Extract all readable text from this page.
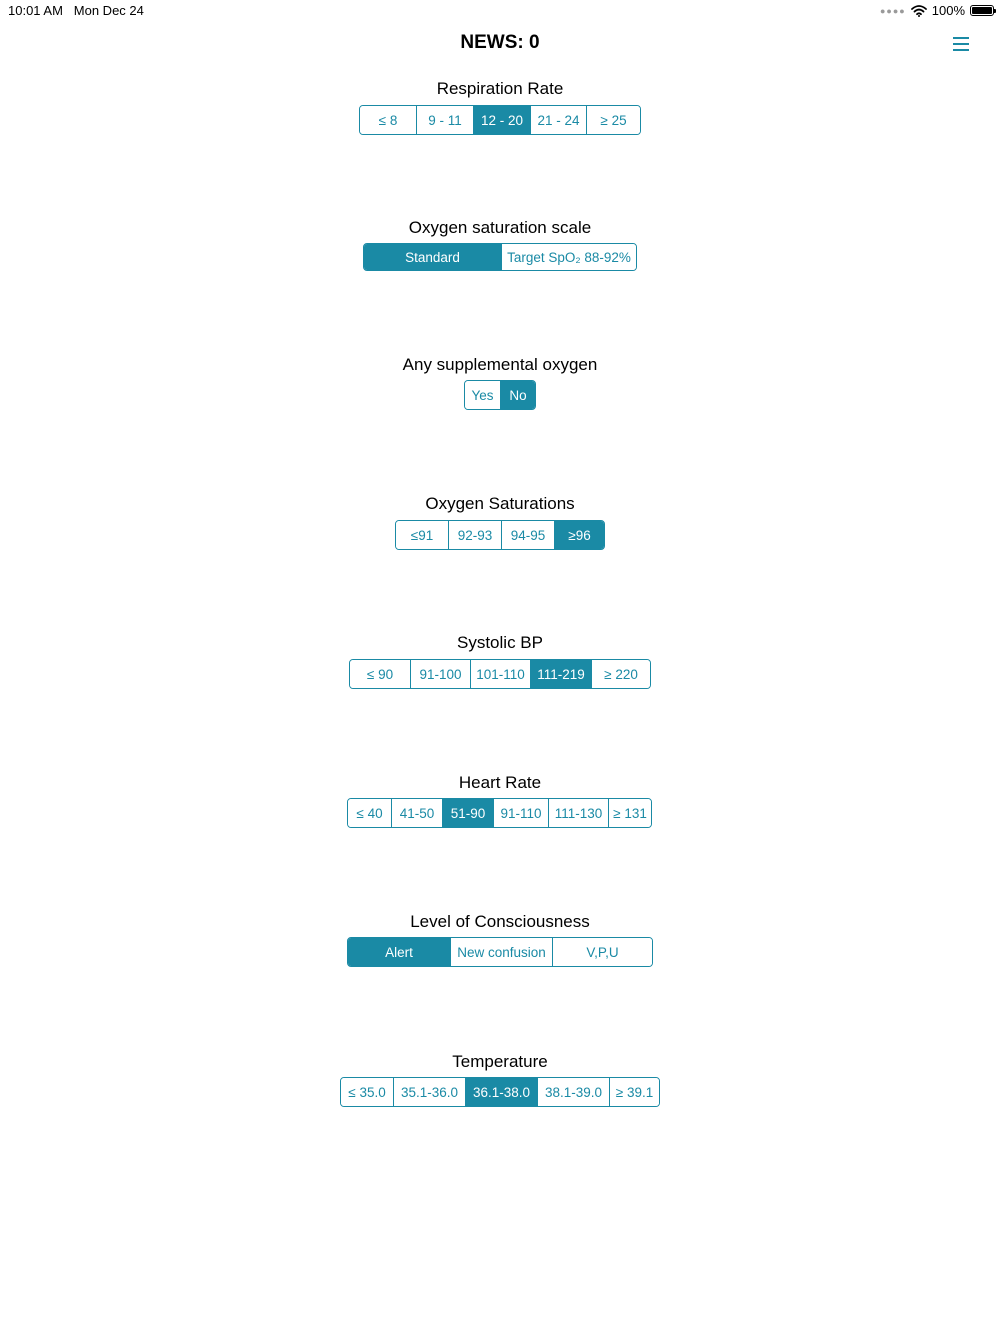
10:01 AM Mon Dec 24	●●●● 100%
NEWS: 0
Respiration Rate
≤ 8	9 - 11	12 - 20	21 - 24	≥ 25
Oxygen saturation scale
Standard	Target SpO₂ 88-92%
Any supplemental oxygen
Yes	No
Oxygen Saturations
≤91	92-93	94-95	≥96
Systolic BP
≤ 90	91-100	101-110 111-219	≥ 220
Heart Rate
≤ 40	41-50	51-90	91-110 111-130 ≥ 131
Level of Consciousness
Alert	New confusion	V,P,U
Temperature
≤ 35.0	35.1-36.0	36.1-38.0	38.1-39.0	≥ 39.1
